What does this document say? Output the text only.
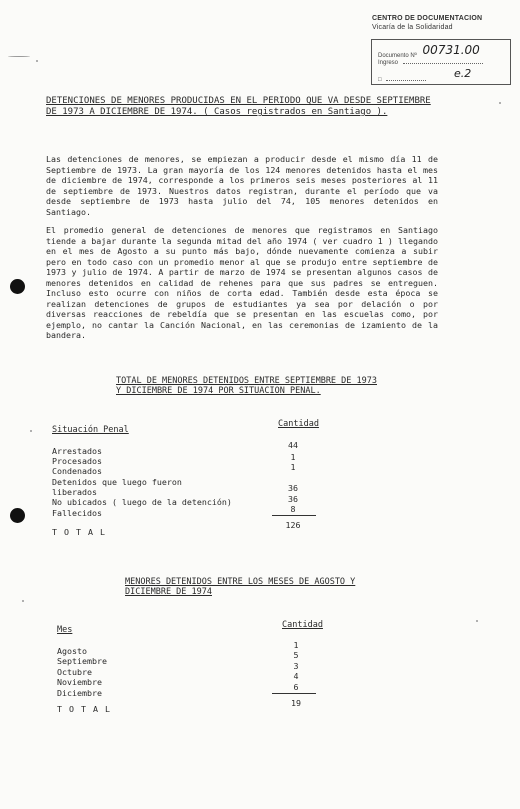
CENTRO DE DOCUMENTACION
Vicaría de la Solidaridad
Documento Nº 00731.00
Ingreso
□	e.2
DETENCIONES DE MENORES PRODUCIDAS EN EL PERIODO QUE VA DESDE SEPTIEMBRE
DE 1973 A DICIEMBRE DE 1974. ( Casos registrados en Santiago ).
Las detenciones de menores, se empiezan a producir desde el mismo día 11 de Septiembre de 1973. La gran mayoría de los 124 menores detenidos hasta el mes de diciembre de 1974, corresponde a los primeros seis meses posteriores al 11 de septiembre de 1973. Nuestros datos registran, durante el período que va desde septiembre de 1973 hasta julio del 74, 105 menores detenidos en Santiago.
El promedio general de detenciones de menores que registramos en Santiago tiende a bajar durante la segunda mitad del año 1974 ( ver cuadro 1 ) llegando en el mes de Agosto a su punto más bajo, dónde nuevamente comienza a subir pero en todo caso con un promedio menor al que se produjo entre septiembre de 1973 y julio de 1974. A partir de marzo de 1974 se presentan algunos casos de menores detenidos en calidad de rehenes para que sus padres se entreguen. Incluso esto ocurre con niños de corta edad. También desde esta época se realizan detenciones de grupos de estudiantes ya sea por delación o por diversas reacciones de rebeldía que se presentan en las escuelas como, por ejemplo, no cantar la Canción Nacional, en las ceremonias de izamiento de la bandera.
TOTAL DE MENORES DETENIDOS ENTRE SEPTIEMBRE DE 1973
Y DICIEMBRE DE 1974 POR SITUACION PENAL.
Situación Penal
Cantidad
Arrestados
44
Procesados	1
Condenados	1
Detenidos que luego fueron
liberados	36
No ubicados ( luego de la detención)	36
Fallecidos	8
T O T A L
126
MENORES DETENIDOS ENTRE LOS MESES DE AGOSTO Y
DICIEMBRE DE 1974
Mes	Cantidad
Agosto
1
Septiembre
5
Octubre
3
Noviembre
4
Diciembre
6
T O T A L
19
